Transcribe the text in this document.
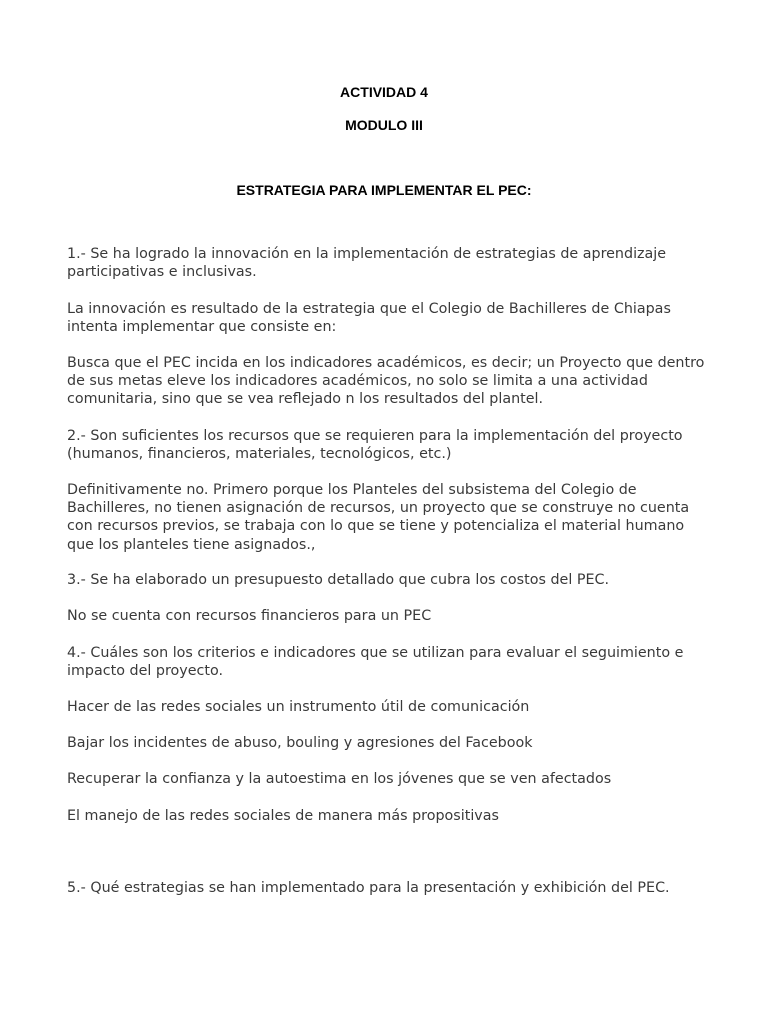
ACTIVIDAD 4
MODULO III
ESTRATEGIA PARA IMPLEMENTAR EL PEC:
1.- Se ha logrado la innovación en la implementación de estrategias de aprendizaje participativas e inclusivas.
La innovación es resultado de la estrategia que el Colegio de Bachilleres de Chiapas intenta implementar que consiste en:
Busca que el PEC incida en los indicadores académicos, es decir; un Proyecto que dentro de sus metas eleve los indicadores académicos, no solo se limita a una actividad comunitaria, sino que se vea reflejado n los resultados del plantel.
2.- Son suficientes los recursos que se requieren para la implementación del proyecto (humanos, financieros, materiales, tecnológicos, etc.)
Definitivamente no. Primero porque los Planteles del subsistema del Colegio de Bachilleres, no tienen asignación de recursos, un proyecto que se construye no cuenta con recursos previos, se trabaja con lo que se tiene y potencializa el material humano que los planteles tiene asignados.,
3.- Se ha elaborado un presupuesto detallado que cubra los costos del PEC.
No se cuenta con recursos financieros para un PEC
4.- Cuáles son los criterios e indicadores que se utilizan para evaluar el seguimiento e impacto del proyecto.
Hacer de las redes sociales un instrumento útil de comunicación
Bajar los incidentes de abuso, bouling y agresiones del Facebook
Recuperar la confianza y la autoestima en los jóvenes que se ven afectados
El manejo de las redes sociales de manera más propositivas
5.- Qué estrategias se han implementado para la presentación y exhibición del PEC.
